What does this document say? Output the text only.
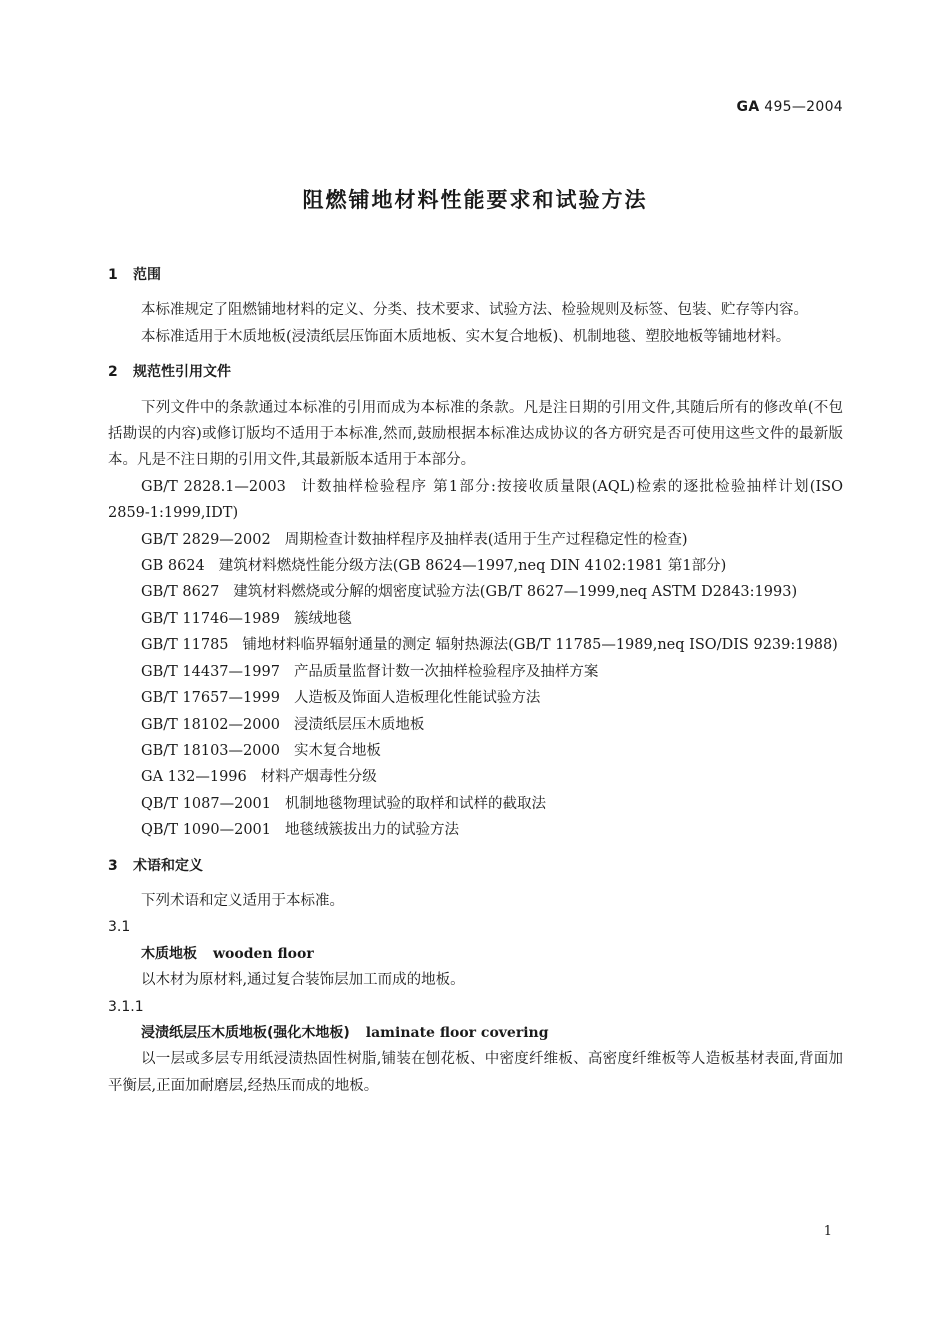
GA 495—2004
阻燃铺地材料性能要求和试验方法
1 范围

本标准规定了阻燃铺地材料的定义、分类、技术要求、试验方法、检验规则及标签、包装、贮存等内容。

本标准适用于木质地板(浸渍纸层压饰面木质地板、实木复合地板)、机制地毯、塑胶地板等铺地材料。

2 规范性引用文件

下列文件中的条款通过本标准的引用而成为本标准的条款。凡是注日期的引用文件,其随后所有的修改单(不包括勘误的内容)或修订版均不适用于本标准,然而,鼓励根据本标准达成协议的各方研究是否可使用这些文件的最新版本。凡是不注日期的引用文件,其最新版本适用于本部分。

GB/T 2828.1—2003 计数抽样检验程序 第1部分:按接收质量限(AQL)检索的逐批检验抽样计划(ISO 2859-1:1999,IDT)

GB/T 2829—2002 周期检查计数抽样程序及抽样表(适用于生产过程稳定性的检查)

GB 8624 建筑材料燃烧性能分级方法(GB 8624—1997,neq DIN 4102:1981 第1部分)

GB/T 8627 建筑材料燃烧或分解的烟密度试验方法(GB/T 8627—1999,neq ASTM D2843:1993)

GB/T 11746—1989 簇绒地毯

GB/T 11785 铺地材料临界辐射通量的测定 辐射热源法(GB/T 11785—1989,neq ISO/DIS 9239:1988)

GB/T 14437—1997 产品质量监督计数一次抽样检验程序及抽样方案

GB/T 17657—1999 人造板及饰面人造板理化性能试验方法

GB/T 18102—2000 浸渍纸层压木质地板

GB/T 18103—2000 实木复合地板

GA 132—1996 材料产烟毒性分级

QB/T 1087—2001 机制地毯物理试验的取样和试样的截取法

QB/T 1090—2001 地毯绒簇拔出力的试验方法

3 术语和定义

下列术语和定义适用于本标准。

3.1

木质地板 wooden floor

以木材为原材料,通过复合装饰层加工而成的地板。

3.1.1

浸渍纸层压木质地板(强化木地板) laminate floor covering

以一层或多层专用纸浸渍热固性树脂,铺装在刨花板、中密度纤维板、高密度纤维板等人造板基材表面,背面加平衡层,正面加耐磨层,经热压而成的地板。

1
